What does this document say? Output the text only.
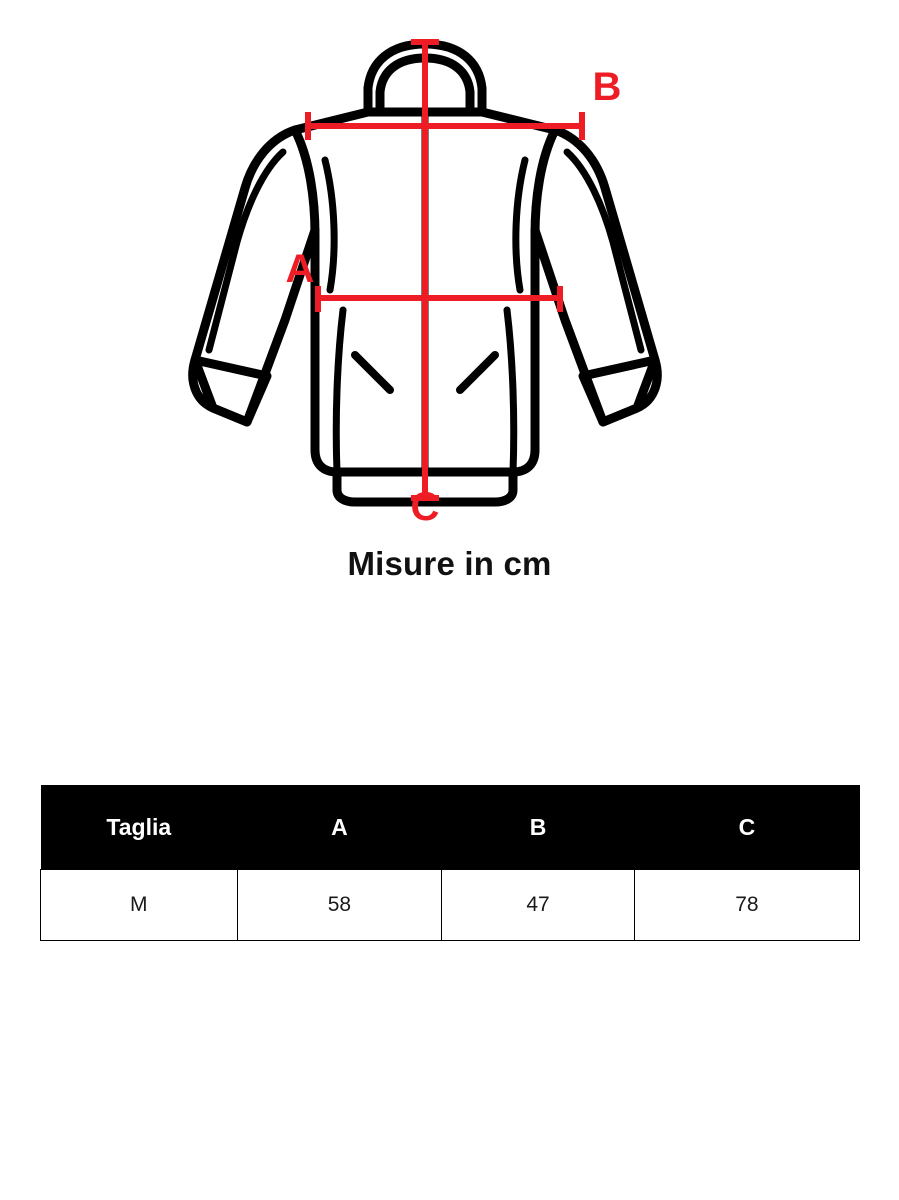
A
B
C
Misure in cm
Taglia	A	B	C
M	58	47	78
